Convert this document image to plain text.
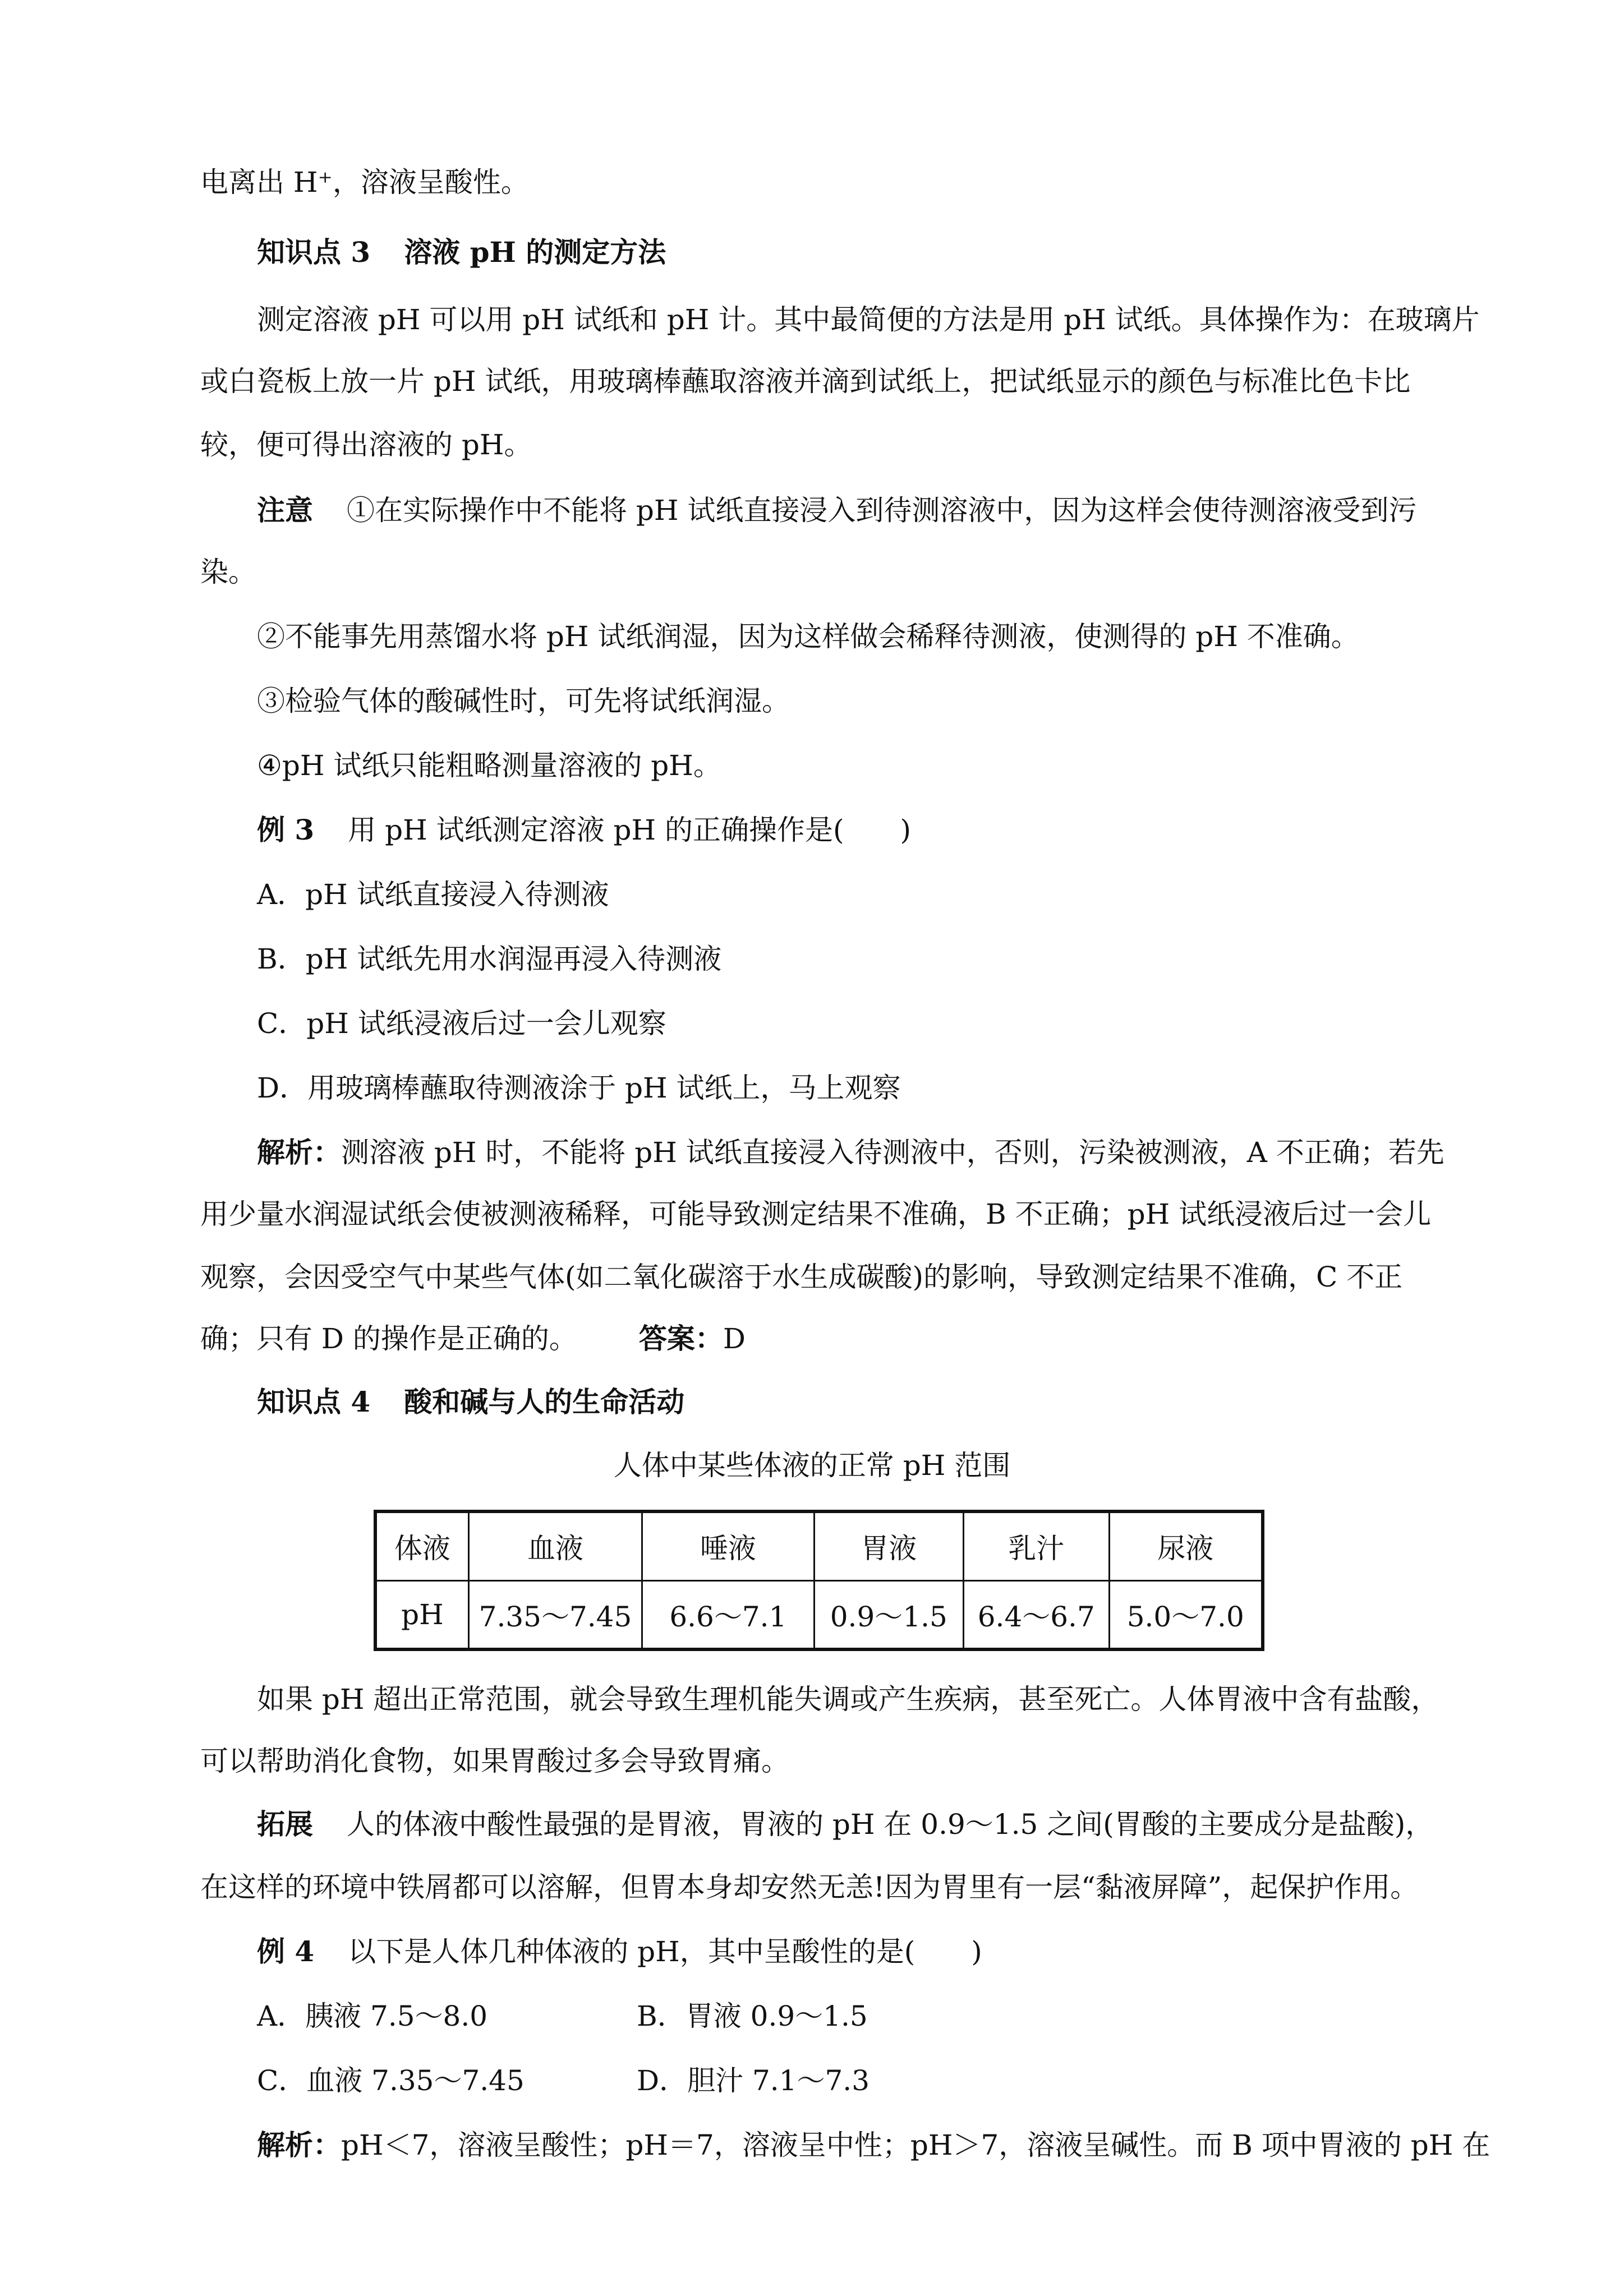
电离出 H⁺，溶液呈酸性。

知识点 3 溶液 pH 的测定方法

测定溶液 pH 可以用 pH 试纸和 pH 计。其中最简便的方法是用 pH 试纸。具体操作为：在玻璃片

或白瓷板上放一片 pH 试纸，用玻璃棒蘸取溶液并滴到试纸上，把试纸显示的颜色与标准比色卡比

较，便可得出溶液的 pH。

注意 ①在实际操作中不能将 pH 试纸直接浸入到待测溶液中，因为这样会使待测溶液受到污

染。

②不能事先用蒸馏水将 pH 试纸润湿，因为这样做会稀释待测液，使测得的 pH 不准确。

③检验气体的酸碱性时，可先将试纸润湿。

④pH 试纸只能粗略测量溶液的 pH。

例 3 用 pH 试纸测定溶液 pH 的正确操作是(　　)

A．pH 试纸直接浸入待测液

B．pH 试纸先用水润湿再浸入待测液

C．pH 试纸浸液后过一会儿观察

D．用玻璃棒蘸取待测液涂于 pH 试纸上，马上观察

解析：测溶液 pH 时，不能将 pH 试纸直接浸入待测液中，否则，污染被测液，A 不正确；若先

用少量水润湿试纸会使被测液稀释，可能导致测定结果不准确，B 不正确；pH 试纸浸液后过一会儿

观察，会因受空气中某些气体(如二氧化碳溶于水生成碳酸)的影响，导致测定结果不准确，C 不正

确；只有 D 的操作是正确的。 答案：D

知识点 4 酸和碱与人的生命活动

人体中某些体液的正常 pH 范围
体液	血液	唾液	胃液	乳汁	尿液
pH	7.35～7.45	6.6～7.1	0.9～1.5	6.4～6.7	5.0～7.0

如果 pH 超出正常范围，就会导致生理机能失调或产生疾病，甚至死亡。人体胃液中含有盐酸，

可以帮助消化食物，如果胃酸过多会导致胃痛。

拓展 人的体液中酸性最强的是胃液，胃液的 pH 在 0.9～1.5 之间(胃酸的主要成分是盐酸)，

在这样的环境中铁屑都可以溶解，但胃本身却安然无恙!因为胃里有一层“黏液屏障”，起保护作用。

例 4 以下是人体几种体液的 pH，其中呈酸性的是(　　)

A．胰液 7.5～8.0	B．胃液 0.9～1.5
C．血液 7.35～7.45	D．胆汁 7.1～7.3

解析：pH＜7，溶液呈酸性；pH＝7，溶液呈中性；pH＞7，溶液呈碱性。而 B 项中胃液的 pH 在
